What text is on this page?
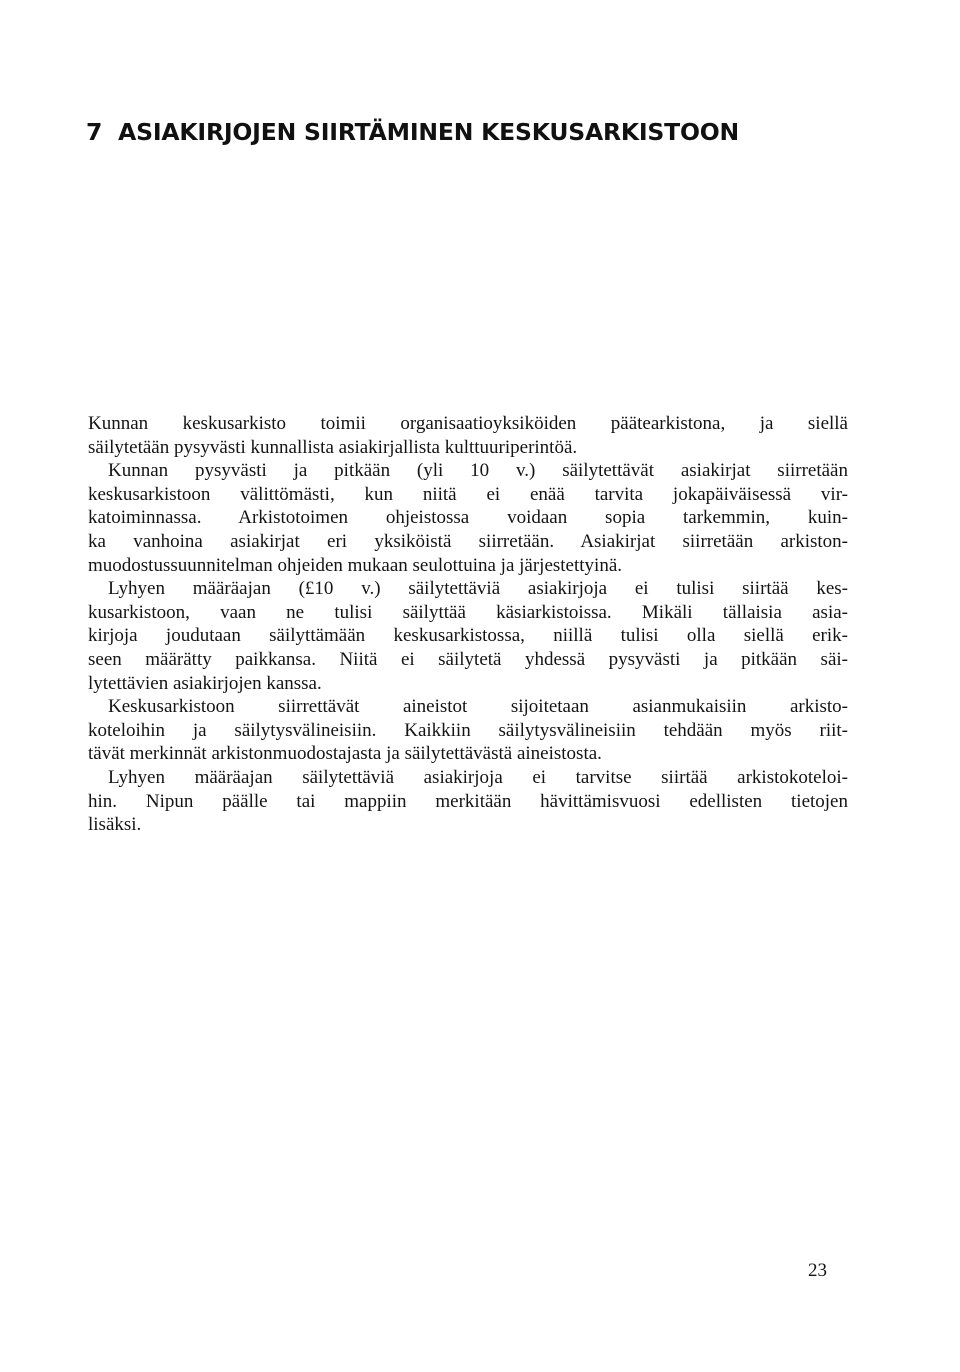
7 ASIAKIRJOJEN SIIRTÄMINEN KESKUSARKISTOON
Kunnan keskusarkisto toimii organisaatioyksiköiden päätearkistona, ja siellä
säilytetään pysyvästi kunnallista asiakirjallista kulttuuriperintöä.
Kunnan pysyvästi ja pitkään (yli 10 v.) säilytettävät asiakirjat siirretään
keskusarkistoon välittömästi, kun niitä ei enää tarvita jokapäiväisessä vir-
katoiminnassa. Arkistotoimen ohjeistossa voidaan sopia tarkemmin, kuin-
ka vanhoina asiakirjat eri yksiköistä siirretään. Asiakirjat siirretään arkiston-
muodostussuunnitelman ohjeiden mukaan seulottuina ja järjestettyinä.
Lyhyen määräajan (£10 v.) säilytettäviä asiakirjoja ei tulisi siirtää kes-
kusarkistoon, vaan ne tulisi säilyttää käsiarkistoissa. Mikäli tällaisia asia-
kirjoja joudutaan säilyttämään keskusarkistossa, niillä tulisi olla siellä erik-
seen määrätty paikkansa. Niitä ei säilytetä yhdessä pysyvästi ja pitkään säi-
lytettävien asiakirjojen kanssa.
Keskusarkistoon siirrettävät aineistot sijoitetaan asianmukaisiin arkisto-
koteloihin ja säilytysvälineisiin. Kaikkiin säilytysvälineisiin tehdään myös riit-
tävät merkinnät arkistonmuodostajasta ja säilytettävästä aineistosta.
Lyhyen määräajan säilytettäviä asiakirjoja ei tarvitse siirtää arkistokoteloi-
hin. Nipun päälle tai mappiin merkitään hävittämisvuosi edellisten tietojen
lisäksi.
23
